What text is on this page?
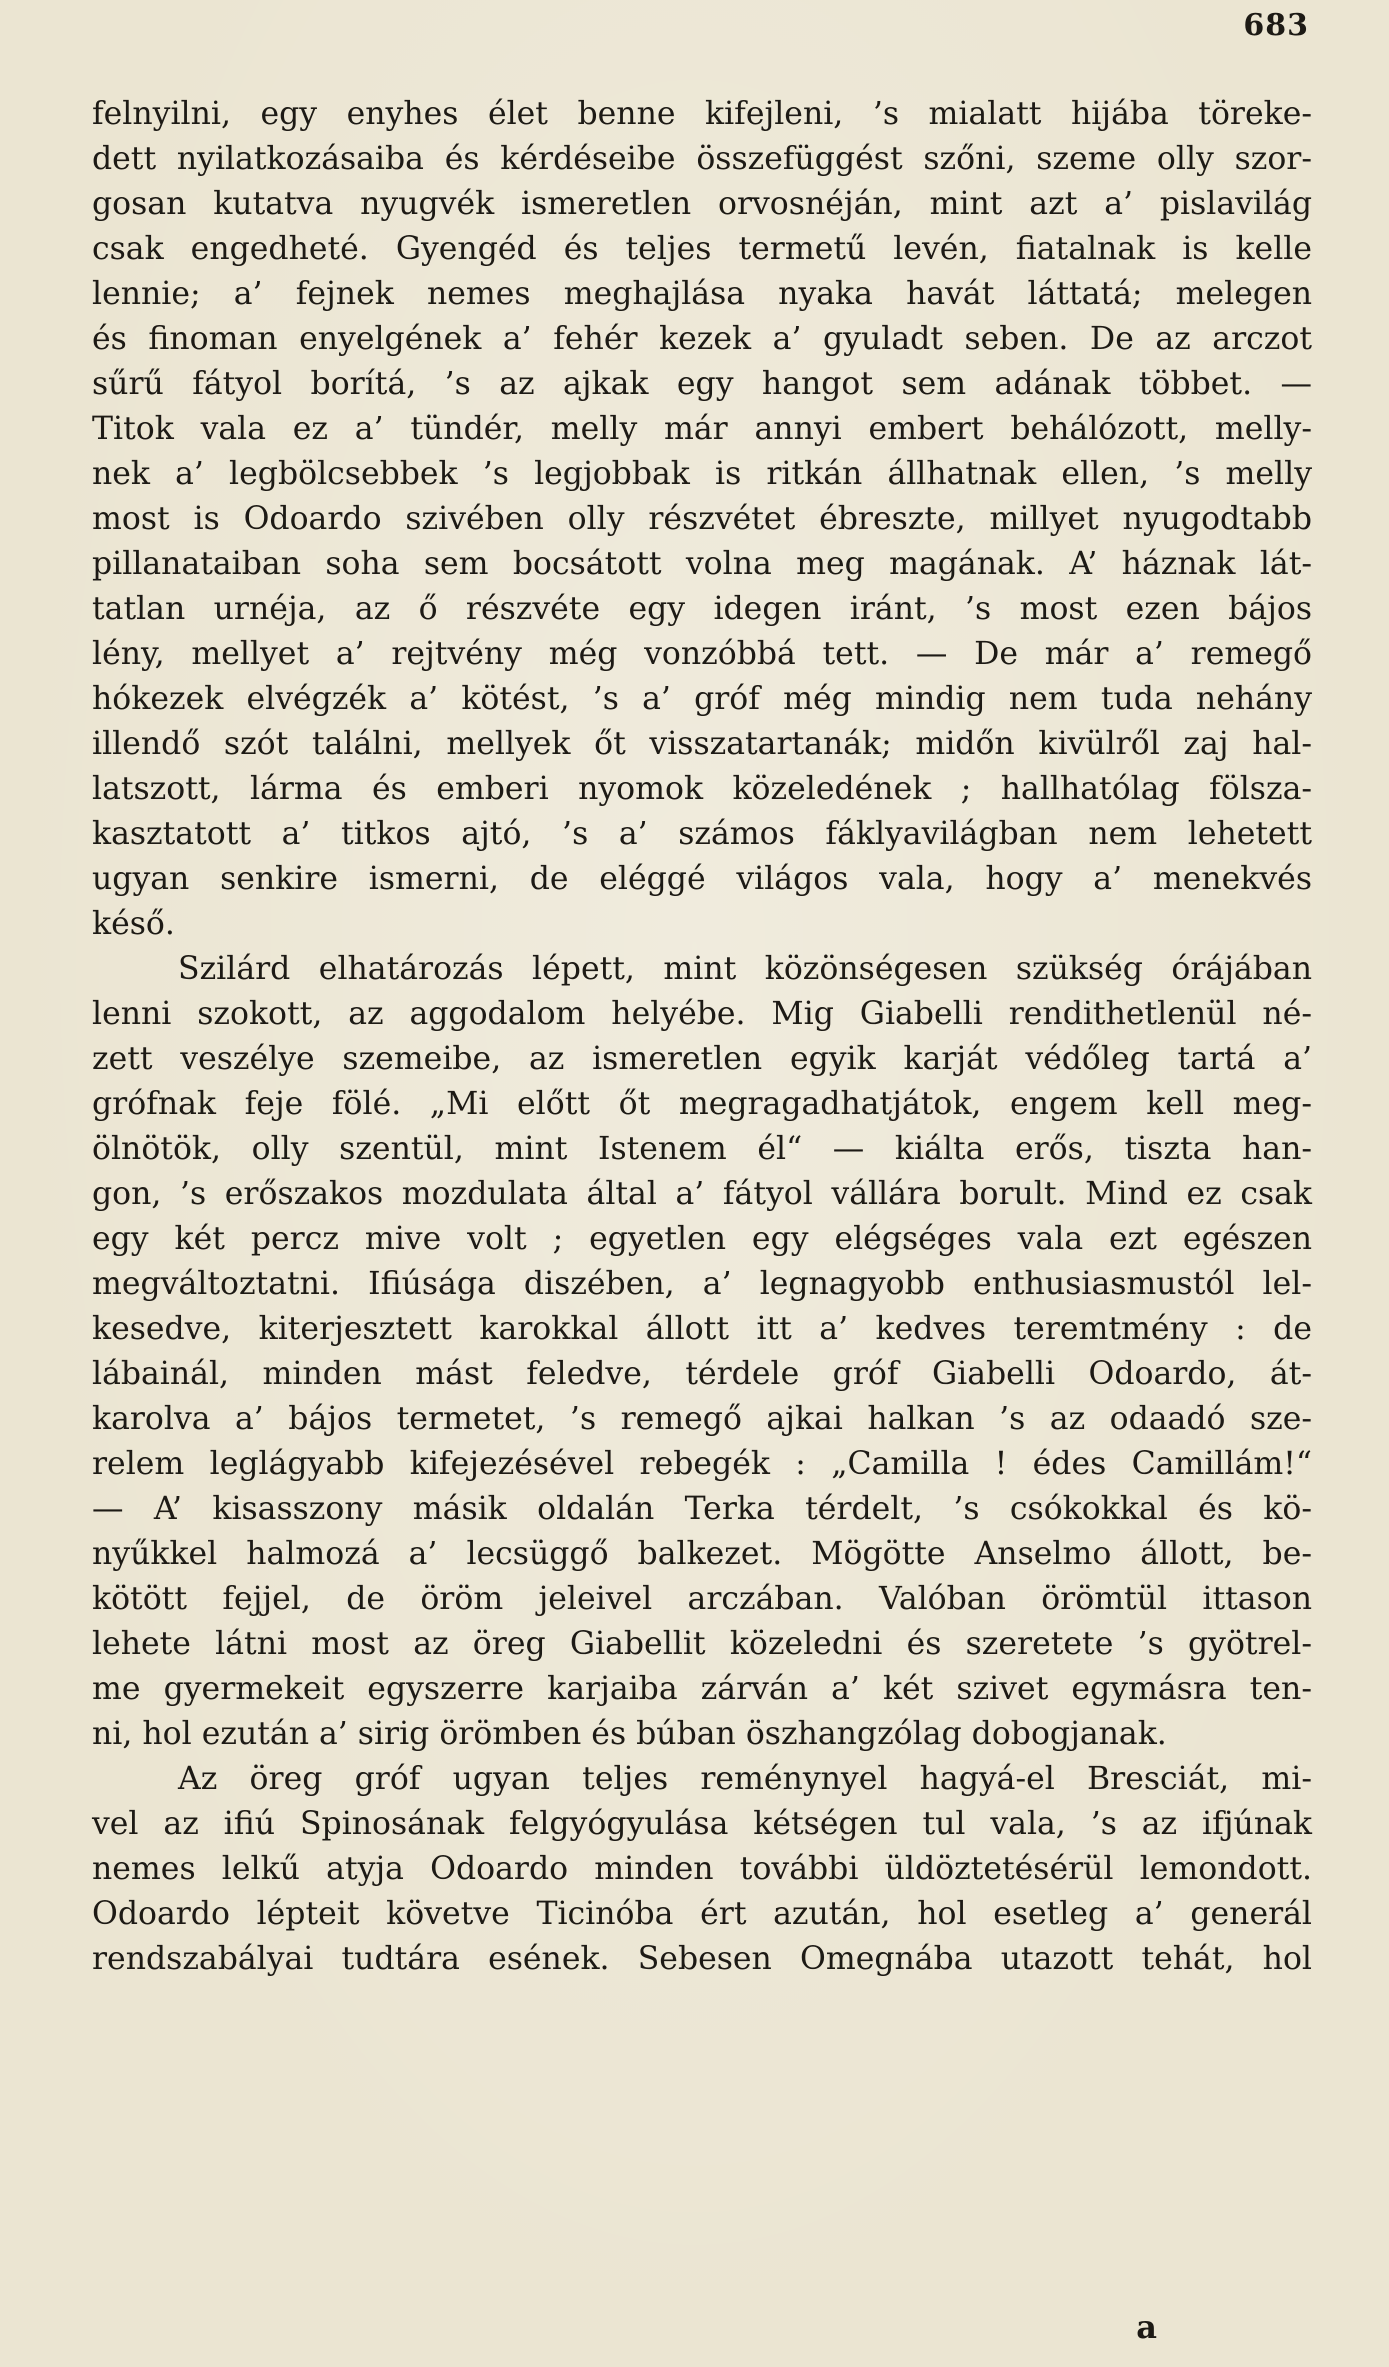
683
felnyilni, egy enyhes élet benne kifejleni, ’s mialatt hijába töreke-
dett nyilatkozásaiba és kérdéseibe összefüggést szőni, szeme olly szor-
gosan kutatva nyugvék ismeretlen orvosnéján, mint azt a’ pislavilág
csak engedheté. Gyengéd és teljes termetű levén, fiatalnak is kelle
lennie; a’ fejnek nemes meghajlása nyaka havát láttatá; melegen
és finoman enyelgének a’ fehér kezek a’ gyuladt seben. De az arczot
sűrű fátyol borítá, ’s az ajkak egy hangot sem adának többet. —
Titok vala ez a’ tündér, melly már annyi embert behálózott, melly-
nek a’ legbölcsebbek ’s legjobbak is ritkán állhatnak ellen, ’s melly
most is Odoardo szivében olly részvétet ébreszte, millyet nyugodtabb
pillanataiban soha sem bocsátott volna meg magának. A’ háznak lát-
tatlan urnéja, az ő részvéte egy idegen iránt, ’s most ezen bájos
lény, mellyet a’ rejtvény még vonzóbbá tett. — De már a’ remegő
hókezek elvégzék a’ kötést, ’s a’ gróf még mindig nem tuda nehány
illendő szót találni, mellyek őt visszatartanák; midőn kivülről zaj hal-
latszott, lárma és emberi nyomok közeledének ; hallhatólag fölsza-
kasztatott a’ titkos ajtó, ’s a’ számos fáklyavilágban nem lehetett
ugyan senkire ismerni, de eléggé világos vala, hogy a’ menekvés
késő.
Szilárd elhatározás lépett, mint közönségesen szükség órájában
lenni szokott, az aggodalom helyébe. Mig Giabelli rendithetlenül né-
zett veszélye szemeibe, az ismeretlen egyik karját védőleg tartá a’
grófnak feje fölé. „Mi előtt őt megragadhatjátok, engem kell meg-
ölnötök, olly szentül, mint Istenem él“ — kiálta erős, tiszta han-
gon, ’s erőszakos mozdulata által a’ fátyol vállára borult. Mind ez csak
egy két percz mive volt ; egyetlen egy elégséges vala ezt egészen
megváltoztatni. Ifiúsága diszében, a’ legnagyobb enthusiasmustól lel-
kesedve, kiterjesztett karokkal állott itt a’ kedves teremtmény : de
lábainál, minden mást feledve, térdele gróf Giabelli Odoardo, át-
karolva a’ bájos termetet, ’s remegő ajkai halkan ’s az odaadó sze-
relem leglágyabb kifejezésével rebegék : „Camilla ! édes Camillám!“
— A’ kisasszony másik oldalán Terka térdelt, ’s csókokkal és kö-
nyűkkel halmozá a’ lecsüggő balkezet. Mögötte Anselmo állott, be-
kötött fejjel, de öröm jeleivel arczában. Valóban örömtül ittason
lehete látni most az öreg Giabellit közeledni és szeretete ’s gyötrel-
me gyermekeit egyszerre karjaiba zárván a’ két szivet egymásra ten-
ni, hol ezután a’ sirig örömben és búban öszhangzólag dobogjanak.
Az öreg gróf ugyan teljes reménynyel hagyá-el Bresciát, mi-
vel az ifiú Spinosának felgyógyulása kétségen tul vala, ’s az ifjúnak
nemes lelkű atyja Odoardo minden további üldöztetésérül lemondott.
Odoardo lépteit követve Ticinóba ért azután, hol esetleg a’ generál
rendszabályai tudtára esének. Sebesen Omegnába utazott tehát, hol
a
